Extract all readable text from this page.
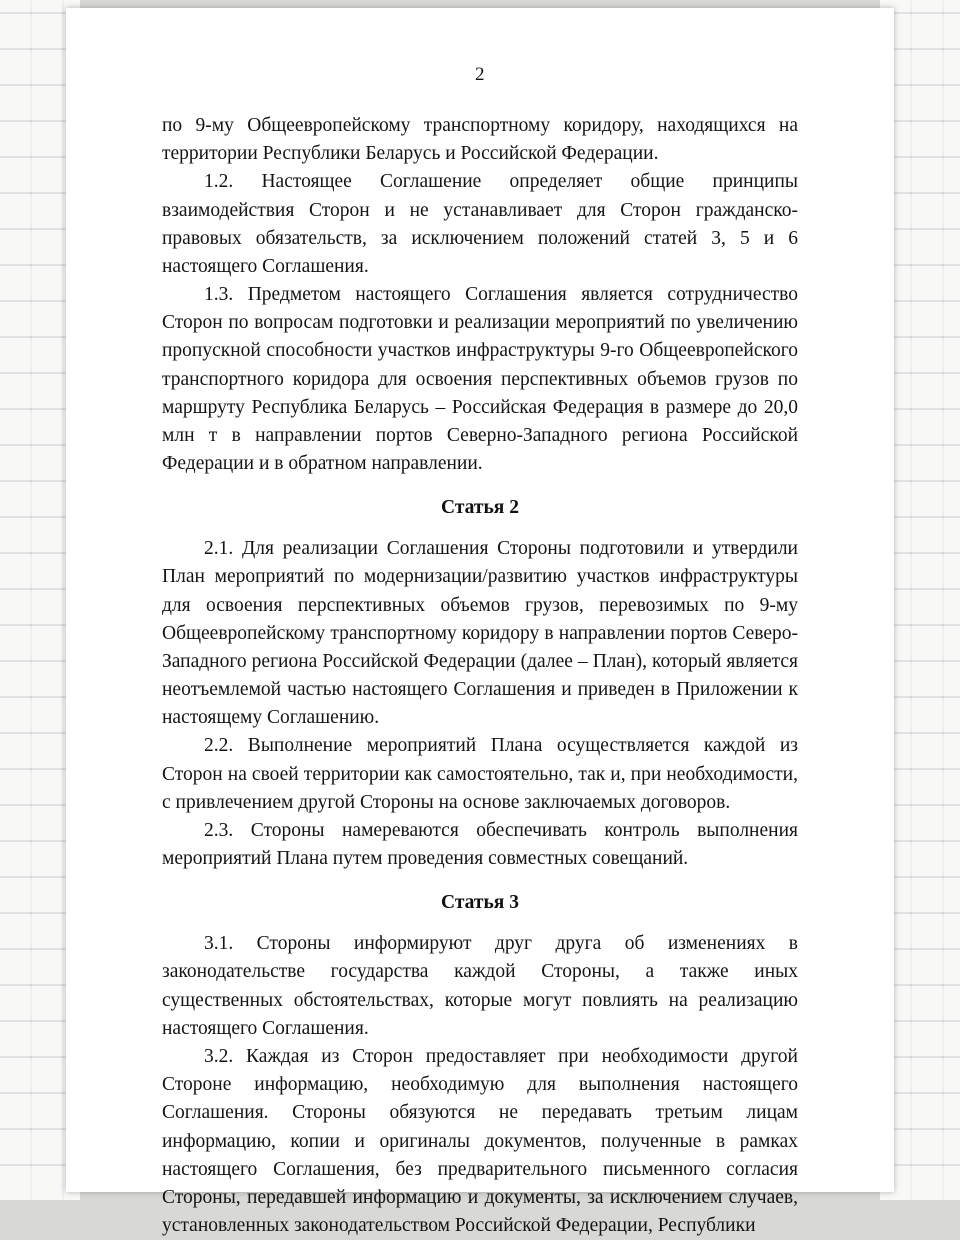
2

по 9-му Общеевропейскому транспортному коридору, находящихся на территории Республики Беларусь и Российской Федерации.

1.2. Настоящее Соглашение определяет общие принципы взаимодействия Сторон и не устанавливает для Сторон гражданско-правовых обязательств, за исключением положений статей 3, 5 и 6 настоящего Соглашения.

1.3. Предметом настоящего Соглашения является сотрудничество Сторон по вопросам подготовки и реализации мероприятий по увеличению пропускной способности участков инфраструктуры 9-го Общеевропейского транспортного коридора для освоения перспективных объемов грузов по маршруту Республика Беларусь – Российская Федерация в размере до 20,0 млн т в направлении портов Северно-Западного региона Российской Федерации и в обратном направлении.

Статья 2

2.1. Для реализации Соглашения Стороны подготовили и утвердили План мероприятий по модернизации/развитию участков инфраструктуры для освоения перспективных объемов грузов, перевозимых по 9-му Общеевропейскому транспортному коридору в направлении портов Северо-Западного региона Российской Федерации (далее – План), который является неотъемлемой частью настоящего Соглашения и приведен в Приложении к настоящему Соглашению.

2.2. Выполнение мероприятий Плана осуществляется каждой из Сторон на своей территории как самостоятельно, так и, при необходимости, с привлечением другой Стороны на основе заключаемых договоров.

2.3. Стороны намереваются обеспечивать контроль выполнения мероприятий Плана путем проведения совместных совещаний.

Статья 3

3.1. Стороны информируют друг друга об изменениях в законодательстве государства каждой Стороны, а также иных существенных обстоятельствах, которые могут повлиять на реализацию настоящего Соглашения.

3.2. Каждая из Сторон предоставляет при необходимости другой Стороне информацию, необходимую для выполнения настоящего Соглашения. Стороны обязуются не передавать третьим лицам информацию, копии и оригиналы документов, полученные в рамках настоящего Соглашения, без предварительного письменного согласия Стороны, передавшей информацию и документы, за исключением случаев, установленных законодательством Российской Федерации, Республики
